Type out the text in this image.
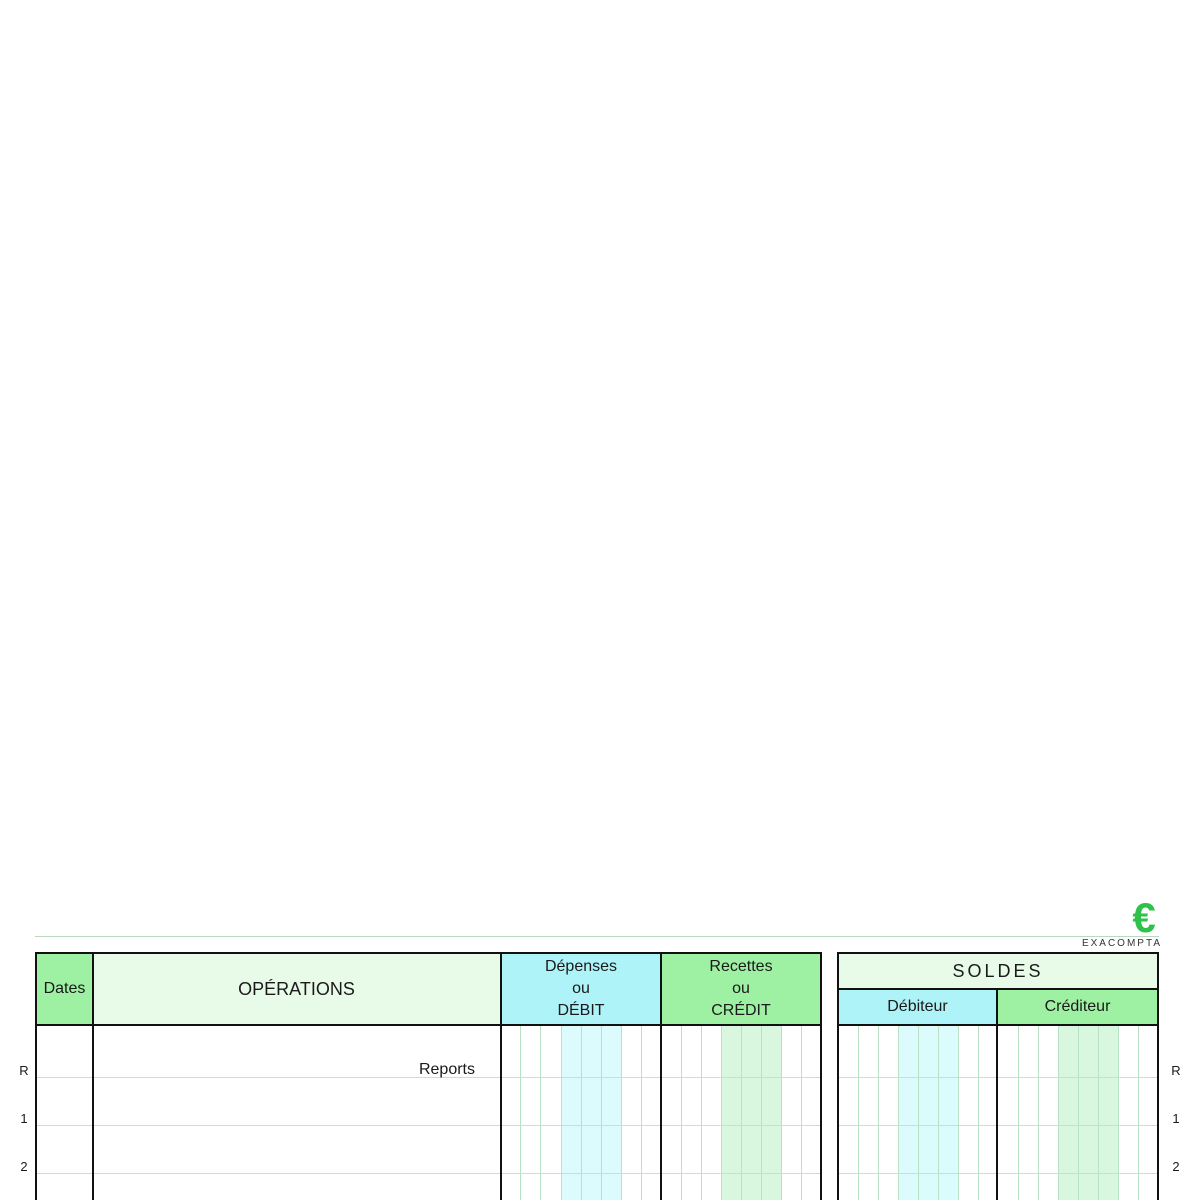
€
EXACOMPTA
Dates	OPÉRATIONS
Dépenses
ou
DÉBIT
Recettes
ou
CRÉDIT
SOLDES
Débiteur	Créditeur
Reports
R
1
2
R
1
2
